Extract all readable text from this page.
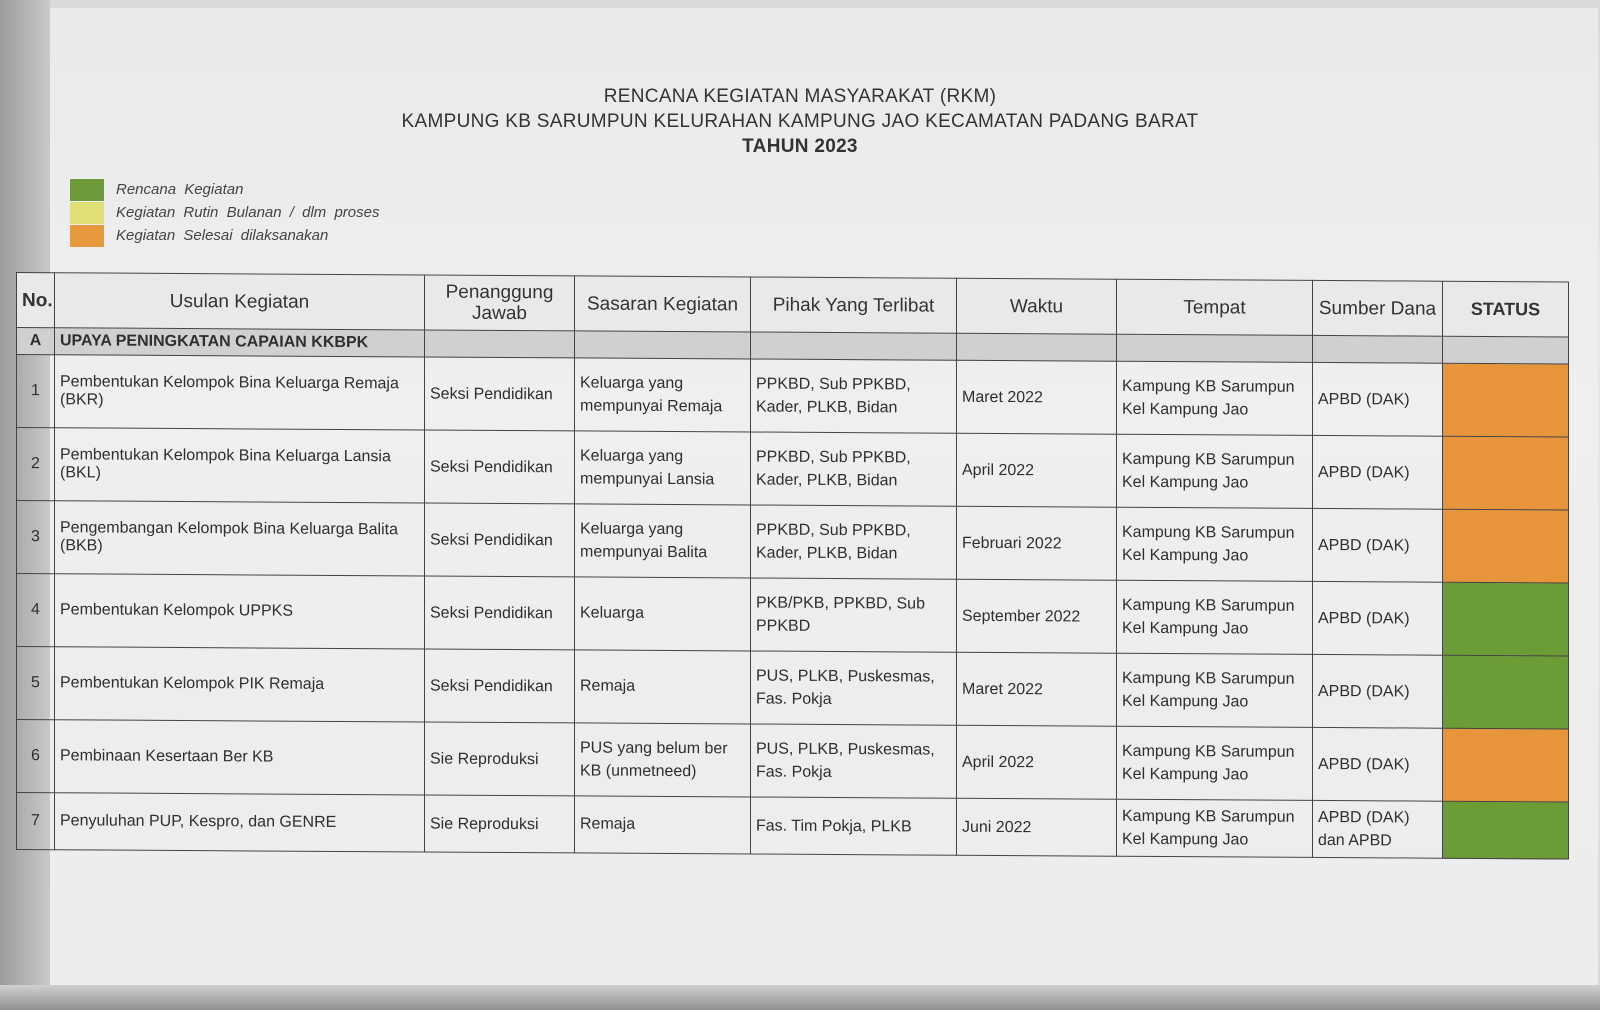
RENCANA KEGIATAN MASYARAKAT (RKM)
KAMPUNG KB SARUMPUN KELURAHAN KAMPUNG JAO KECAMATAN PADANG BARAT
TAHUN 2023
Rencana Kegiatan
Kegiatan Rutin Bulanan / dlm proses
Kegiatan Selesai dilaksanakan
No.	Usulan Kegiatan	Penanggung Jawab	Sasaran Kegiatan	Pihak Yang Terlibat	Waktu	Tempat	Sumber Dana	STATUS
A	UPAYA PENINGKATAN CAPAIAN KKBPK							
1	Pembentukan Kelompok Bina Keluarga Remaja (BKR)	Seksi Pendidikan	Keluarga yang mempunyai Remaja	PPKBD, Sub PPKBD, Kader, PLKB, Bidan	Maret 2022	Kampung KB Sarumpun Kel Kampung Jao	APBD (DAK)	
2	Pembentukan Kelompok Bina Keluarga Lansia (BKL)	Seksi Pendidikan	Keluarga yang mempunyai Lansia	PPKBD, Sub PPKBD, Kader, PLKB, Bidan	April 2022	Kampung KB Sarumpun Kel Kampung Jao	APBD (DAK)	
3	Pengembangan Kelompok Bina Keluarga Balita (BKB)	Seksi Pendidikan	Keluarga yang mempunyai Balita	PPKBD, Sub PPKBD, Kader, PLKB, Bidan	Februari 2022	Kampung KB Sarumpun Kel Kampung Jao	APBD (DAK)	
4	Pembentukan Kelompok UPPKS	Seksi Pendidikan	Keluarga	PKB/PKB, PPKBD, Sub PPKBD	September 2022	Kampung KB Sarumpun Kel Kampung Jao	APBD (DAK)	
5	Pembentukan Kelompok PIK Remaja	Seksi Pendidikan	Remaja	PUS, PLKB, Puskesmas, Fas. Pokja	Maret 2022	Kampung KB Sarumpun Kel Kampung Jao	APBD (DAK)	
6	Pembinaan Kesertaan Ber KB	Sie Reproduksi	PUS yang belum ber KB (unmetneed)	PUS, PLKB, Puskesmas, Fas. Pokja	April 2022	Kampung KB Sarumpun Kel Kampung Jao	APBD (DAK)	
7	Penyuluhan PUP, Kespro, dan GENRE	Sie Reproduksi	Remaja	Fas. Tim Pokja, PLKB	Juni 2022	Kampung KB Sarumpun Kel Kampung Jao	APBD (DAK) dan APBD	
